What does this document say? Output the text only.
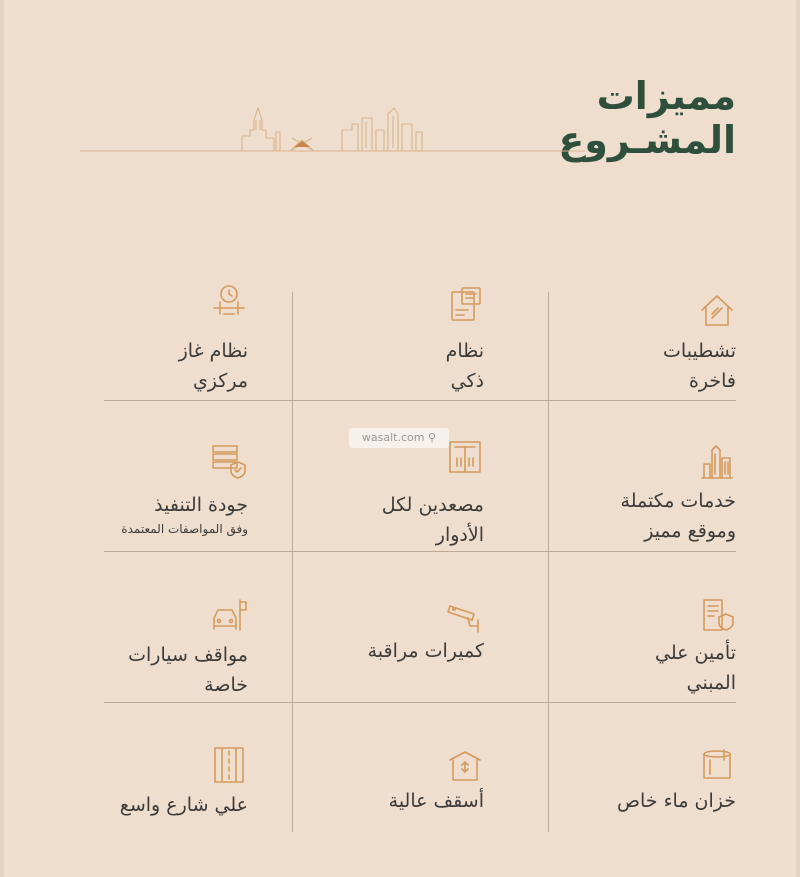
مميزات
المشـروع
تشطيبات
فاخرة
نظام
ذكي
نظام غاز
مركزي
خدمات مكتملة
وموقع مميز
مصعدين لكل
الأدوار
جودة التنفيذ
وفق المواصفات المعتمدة
تأمين علي
المبني
كميرات مراقبة
مواقف سيارات
خاصة
خزان ماء خاص
أسقف عالية
علي شارع واسع
wasalt.com ⚲
